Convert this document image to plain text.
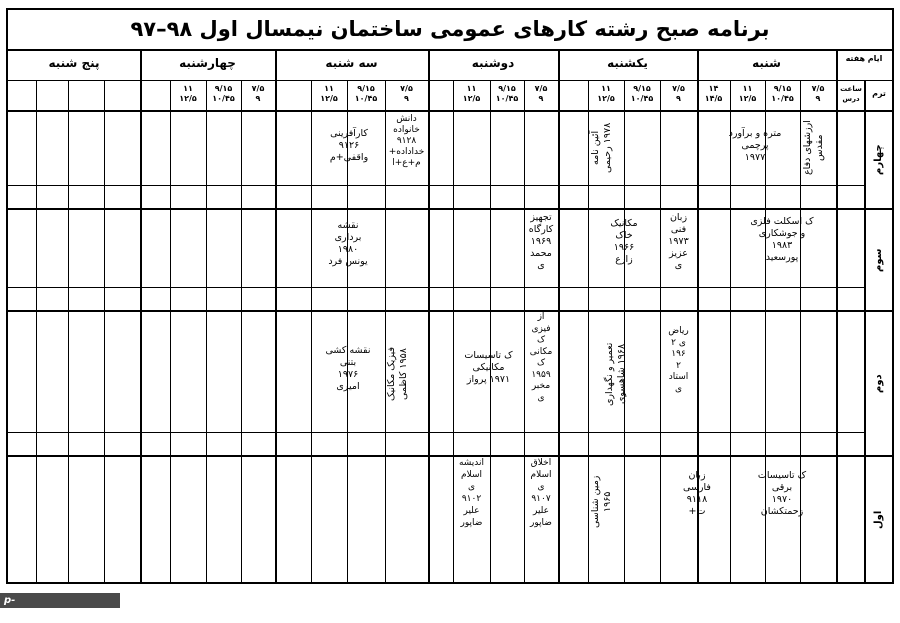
برنامه صبح رشته کارهای عمومی ساختمان نیمسال اول ۹۸–۹۷
ایام هفته
ترم
ساعت درس
شنبه
یکشنبه
دوشنبه
سه شنبه
چهارشنبه
پنج شنبه
۷/۵
۹
۹/۱۵
۱۰/۴۵
۱۱
۱۲/۵
۱۴
۱۴/۵
۷/۵
۹
۹/۱۵
۱۰/۴۵
۱۱
۱۲/۵
۷/۵
۹
۹/۱۵
۱۰/۴۵
۱۱
۱۲/۵
۷/۵
۹
۹/۱۵
۱۰/۴۵
۱۱
۱۲/۵
۷/۵
۹
۹/۱۵
۱۰/۴۵
۱۱
۱۲/۵
چهارم
سوم
دوم
اول
ارزشهای دفاع مقدس
متره و برآورد
پرچمی
۱۹۷۷
آئین نامه
۱۹۷۸ رحیمی
دانش
خانواده
۹۱۲۸
خداداده+
م+ع+ا
کارآفرینی
۹۱۲۶
واقفی+م
ک اسکلت فلزی
و جوشکاری
۱۹۸۳
پورسعید
زبان
فنی
۱۹۷۳
عزیز
ی
مکانیک
خاک
۱۹۶۶
زارع
تجهیز
کارگاه
۱۹۶۹
محمد
ی
نقشه
برداری
۱۹۸۰
یونس فرد
ریاض
ی ۲
۱۹۶
۲
استاد
ی
تعمیر و نگهداری
۱۹۶۸ شاهسوی
از
فیزی
ک
مکانی
ک
۱۹۵۹
مخبر
ی
ک تاسیسات
مکانیکی
۱۹۷۱ پرواز
فیزیک مکانیک
۱۹۵۸ کاظمی
نقشه کشی
بتنی
۱۹۷۶
امیری
ک تاسیسات
برقی
۱۹۷۰
زحمتکشان
زبان
فارسی
۹۱۱۸
ت+
زمین شناسی
۱۹۶۵
اخلاق
اسلام
ی
۹۱۰۷
علیر
ضاپور
اندیشه
اسلام
ی
۹۱۰۲
علیر
ضاپور
p-estahban.nus.ac.ir
